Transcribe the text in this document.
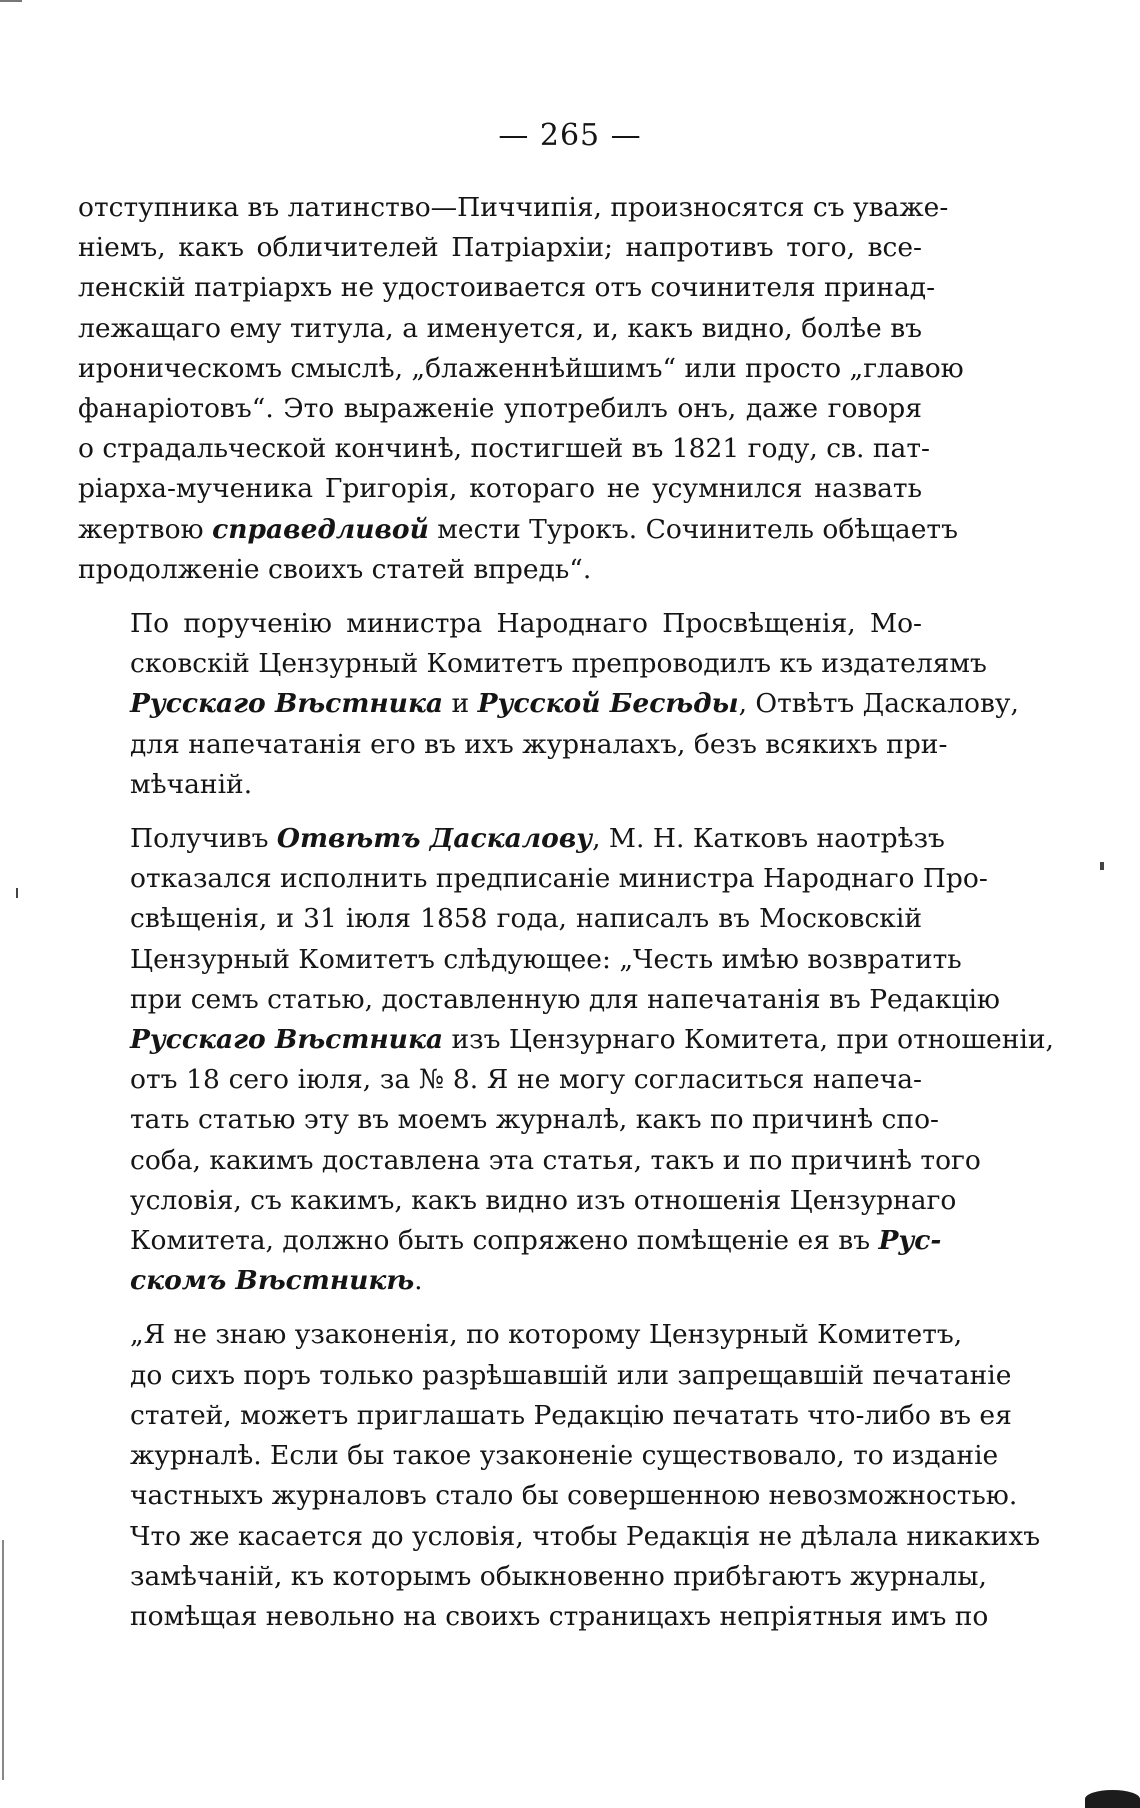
— 265 —

отступника въ латинство—Пиччипія, произносятся съ уваже-
ніемъ, какъ обличителей Патріархіи; напротивъ того, все-
ленскій патріархъ не удостоивается отъ сочинителя принад-
лежащаго ему титула, а именуется, и, какъ видно, болѣе въ
ироническомъ смыслѣ, „блаженнѣйшимъ“ или просто „главою
фанаріотовъ“. Это выраженіе употребилъ онъ, даже говоря
о страдальческой кончинѣ, постигшей въ 1821 году, св. пат-
ріарха-мученика Григорія, котораго не усумнился назвать
жертвою справедливой мести Турокъ. Сочинитель обѣщаетъ
продолженіе своихъ статей впредь“.

По порученію министра Народнаго Просвѣщенія, Мо-
сковскій Цензурный Комитетъ препроводилъ къ издателямъ
Русскаго Вѣстника и Русской Бесѣды, Отвѣтъ Даскалову,
для напечатанія его въ ихъ журналахъ, безъ всякихъ при-
мѣчаній.

Получивъ Отвѣтъ Даскалову, М. Н. Катковъ наотрѣзъ
отказался исполнить предписаніе министра Народнаго Про-
свѣщенія, и 31 іюля 1858 года, написалъ въ Московскій
Цензурный Комитетъ слѣдующее: „Честь имѣю возвратить
при семъ статью, доставленную для напечатанія въ Редакцію
Русскаго Вѣстника изъ Цензурнаго Комитета, при отношеніи,
отъ 18 сего іюля, за № 8. Я не могу согласиться напеча-
тать статью эту въ моемъ журналѣ, какъ по причинѣ спо-
соба, какимъ доставлена эта статья, такъ и по причинѣ того
условія, съ какимъ, какъ видно изъ отношенія Цензурнаго
Комитета, должно быть сопряжено помѣщеніе ея въ Рус-
скомъ Вѣстникѣ.

„Я не знаю узаконенія, по которому Цензурный Комитетъ,
до сихъ поръ только разрѣшавшій или запрещавшій печатаніе
статей, можетъ приглашать Редакцію печатать что-либо въ ея
журналѣ. Если бы такое узаконеніе существовало, то изданіе
частныхъ журналовъ стало бы совершенною невозможностью.
Что же касается до условія, чтобы Редакція не дѣлала никакихъ
замѣчаній, къ которымъ обыкновенно прибѣгаютъ журналы,
помѣщая невольно на своихъ страницахъ непріятныя имъ по
